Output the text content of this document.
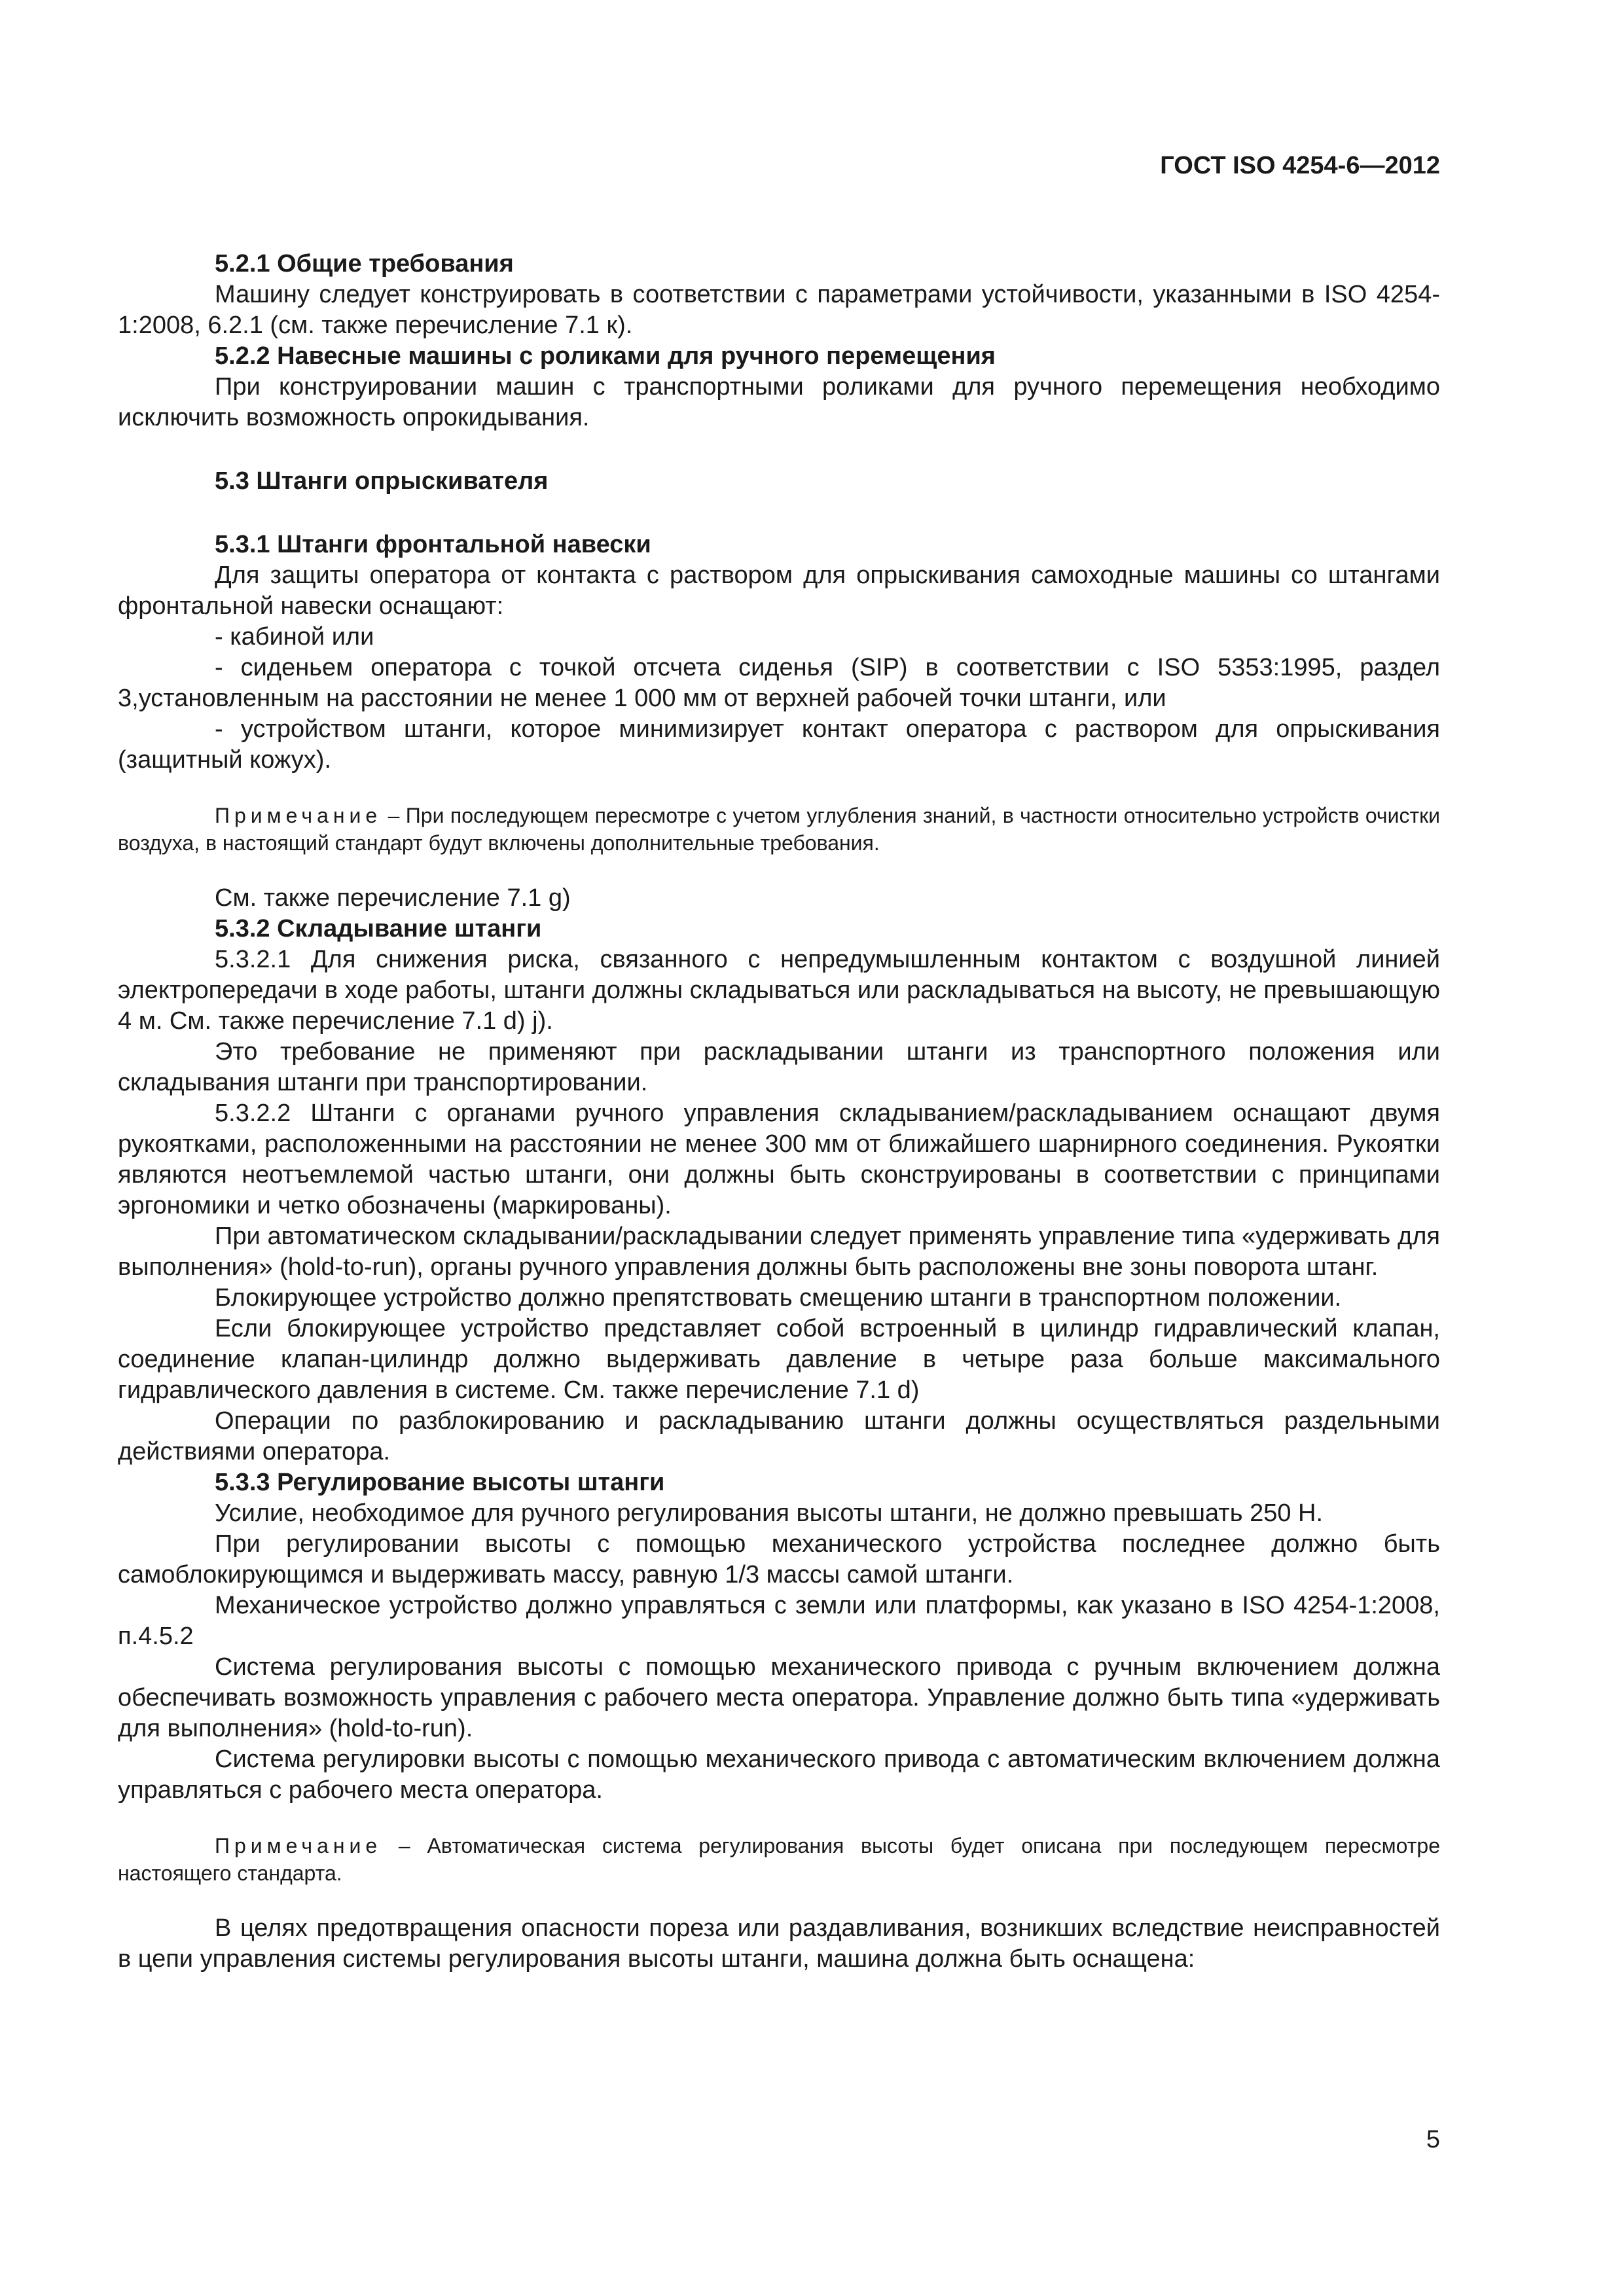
ГОСТ ISO 4254-6—2012

5.2.1 Общие требования

Машину следует конструировать в соответствии с параметрами устойчивости, указанными в ISO 4254-1:2008, 6.2.1 (см. также перечисление 7.1 к).

5.2.2 Навесные машины с роликами для ручного перемещения

При конструировании машин с транспортными роликами для ручного перемещения необходимо исключить возможность опрокидывания.

5.3 Штанги опрыскивателя

5.3.1 Штанги фронтальной навески

Для защиты оператора от контакта с раствором для опрыскивания самоходные машины со штангами фронтальной навески оснащают:

- кабиной или

- сиденьем оператора с точкой отсчета сиденья (SIP) в соответствии с ISO 5353:1995, раздел 3,установленным на расстоянии не менее 1 000 мм от верхней рабочей точки штанги, или

- устройством штанги, которое минимизирует контакт оператора с раствором для опрыскивания (защитный кожух).

Примечание – При последующем пересмотре с учетом углубления знаний, в частности относительно устройств очистки воздуха, в настоящий стандарт будут включены дополнительные требования.

См. также перечисление 7.1 g)

5.3.2 Складывание штанги

5.3.2.1 Для снижения риска, связанного с непредумышленным контактом с воздушной линией электропередачи в ходе работы, штанги должны складываться или раскладываться на высоту, не превышающую 4 м. См. также перечисление 7.1 d) j).

Это требование не применяют при раскладывании штанги из транспортного положения или складывания штанги при транспортировании.

5.3.2.2 Штанги с органами ручного управления складыванием/раскладыванием оснащают двумя рукоятками, расположенными на расстоянии не менее 300 мм от ближайшего шарнирного соединения. Рукоятки являются неотъемлемой частью штанги, они должны быть сконструированы в соответствии с принципами эргономики и четко обозначены (маркированы).

При автоматическом складывании/раскладывании следует применять управление типа «удерживать для выполнения» (hold-to-run), органы ручного управления должны быть расположены вне зоны поворота штанг.

Блокирующее устройство должно препятствовать смещению штанги в транспортном положении.

Если блокирующее устройство представляет собой встроенный в цилиндр гидравлический клапан, соединение клапан-цилиндр должно выдерживать давление в четыре раза больше максимального гидравлического давления в системе. См. также перечисление 7.1 d)

Операции по разблокированию и раскладыванию штанги должны осуществляться раздельными действиями оператора.

5.3.3 Регулирование высоты штанги

Усилие, необходимое для ручного регулирования высоты штанги, не должно превышать 250 Н.

При регулировании высоты с помощью механического устройства последнее должно быть самоблокирующимся и выдерживать массу, равную 1/3 массы самой штанги.

Механическое устройство должно управляться с земли или платформы, как указано в ISO 4254-1:2008, п.4.5.2

Система регулирования высоты с помощью механического привода с ручным включением должна обеспечивать возможность управления с рабочего места оператора. Управление должно быть типа «удерживать для выполнения» (hold-to-run).

Система регулировки высоты с помощью механического привода с автоматическим включением должна управляться с рабочего места оператора.

Примечание – Автоматическая система регулирования высоты будет описана при последующем пересмотре настоящего стандарта.

В целях предотвращения опасности пореза или раздавливания, возникших вследствие неисправностей в цепи управления системы регулирования высоты штанги, машина должна быть оснащена:

5
